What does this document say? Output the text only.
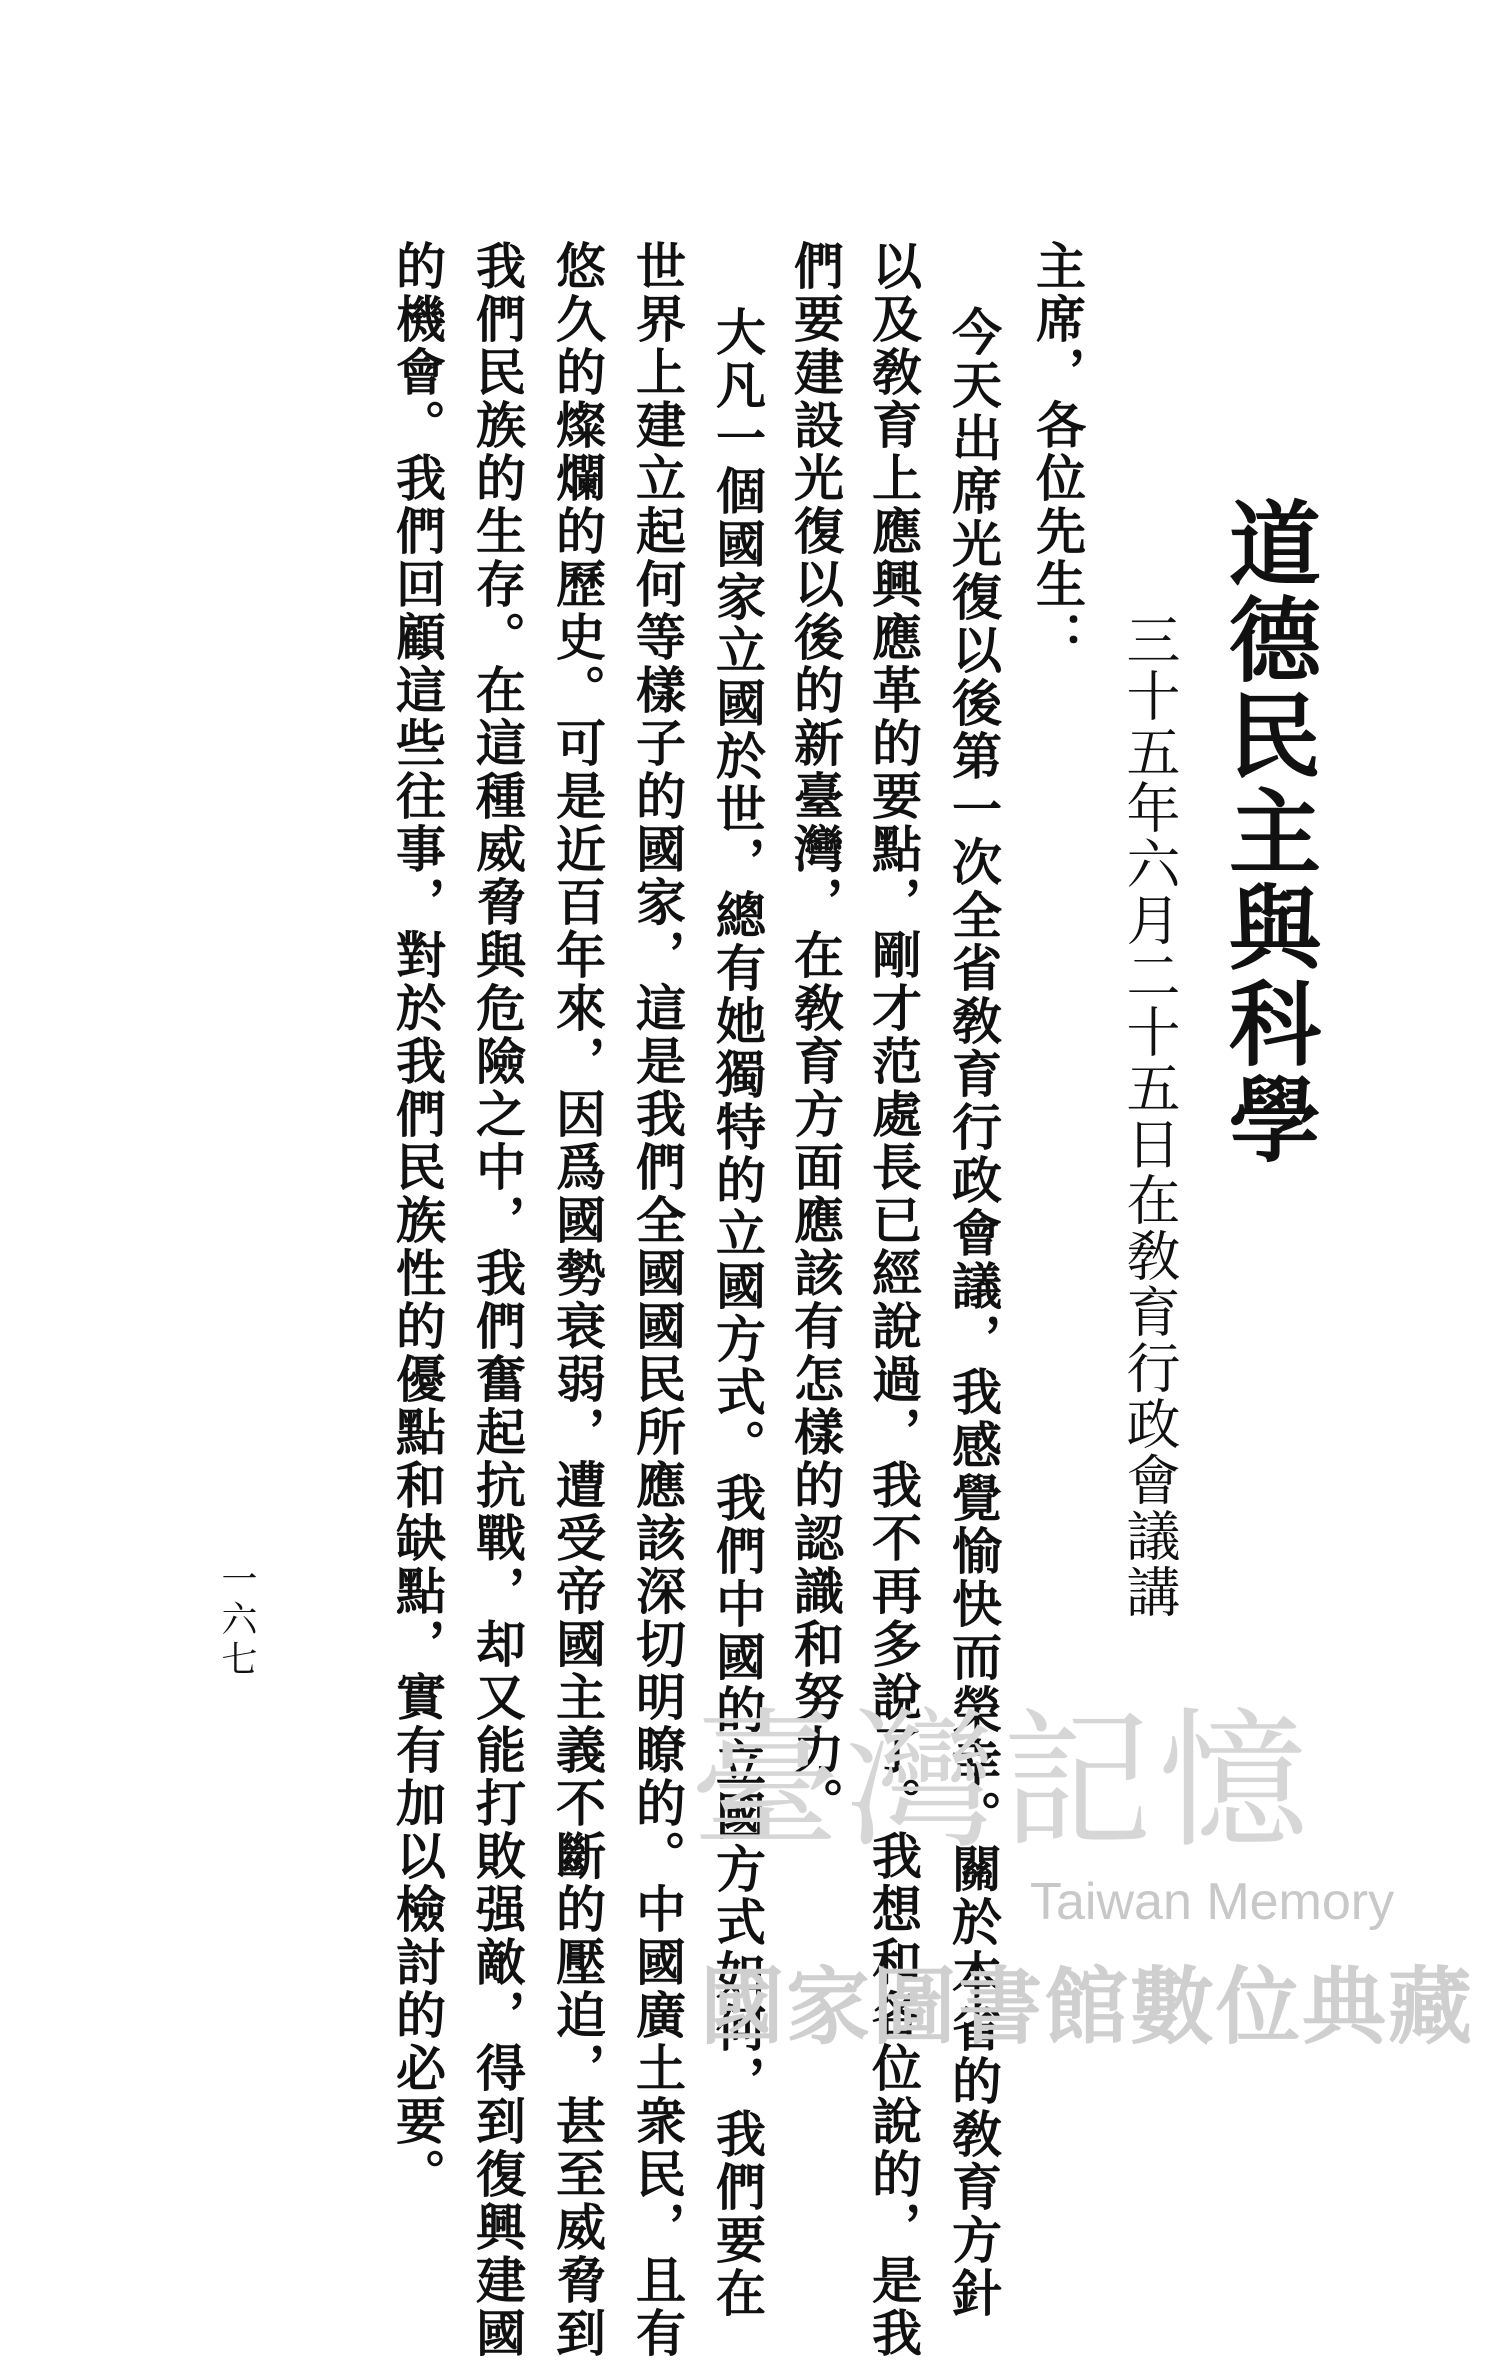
道德民主與科學
三十五年六月二十五日在敎育行政會議講
主席，各位先生：
今天出席光復以後第一次全省敎育行政會議，我感覺愉快而榮幸。關於本省的敎育方針
以及敎育上應興應革的要點，剛才范處長已經說過，我不再多說了。我想和各位說的，是我
們要建設光復以後的新臺灣，在敎育方面應該有怎樣的認識和努力。
大凡一個國家立國於世，總有她獨特的立國方式。我們中國的立國方式如何，我們要在
世界上建立起何等樣子的國家，這是我們全國國民所應該深切明瞭的。中國廣土衆民，且有
悠久的燦爛的歷史。可是近百年來，因爲國勢衰弱，遭受帝國主義不斷的壓迫，甚至威脅到
我們民族的生存。在這種威脅與危險之中，我們奮起抗戰，却又能打敗强敵，得到復興建國
的機會。我們回顧這些往事，對於我們民族性的優點和缺點，實有加以檢討的必要。
一六七
臺灣記憶
Taiwan Memory
國家圖書館數位典藏
